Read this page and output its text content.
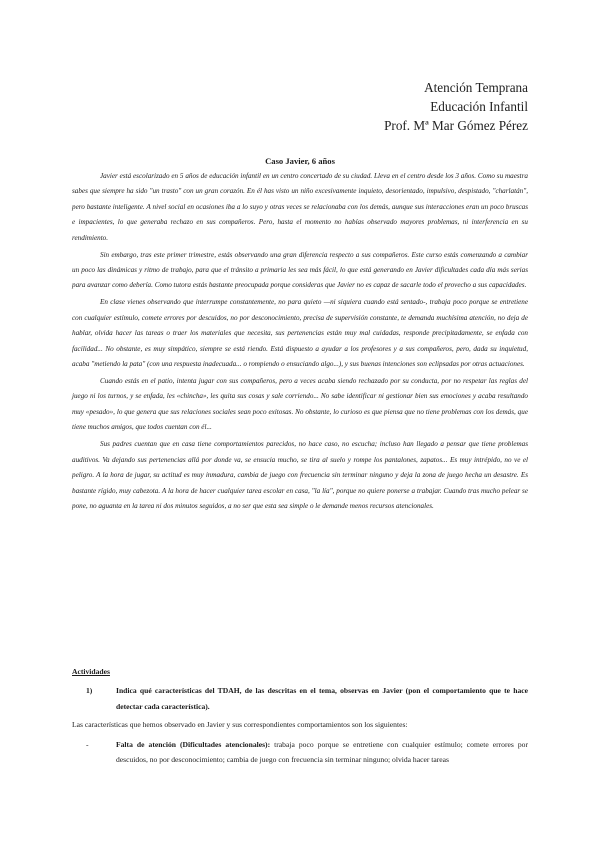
Atención Temprana
Educación Infantil
Prof. Mª Mar Gómez Pérez
Caso Javier, 6 años

Javier está escolarizado en 5 años de educación infantil en un centro concertado de su ciudad. Lleva en el centro desde los 3 años. Como su maestra sabes que siempre ha sido "un trasto" con un gran corazón. En él has visto un niño excesivamente inquieto, desorientado, impulsivo, despistado, "charlatán", pero bastante inteligente. A nivel social en ocasiones iba a lo suyo y otras veces se relacionaba con los demás, aunque sus interacciones eran un poco bruscas e impacientes, lo que generaba rechazo en sus compañeros. Pero, hasta el momento no habías observado mayores problemas, ni interferencia en su rendimiento.

Sin embargo, tras este primer trimestre, estás observando una gran diferencia respecto a sus compañeros. Este curso estás comenzando a cambiar un poco las dinámicas y ritmo de trabajo, para que el tránsito a primaria les sea más fácil, lo que está generando en Javier dificultades cada día más serias para avanzar como debería. Como tutora estás bastante preocupada porque consideras que Javier no es capaz de sacarle todo el provecho a sus capacidades.

En clase vienes observando que interrumpe constantemente, no para quieto —ni siquiera cuando está sentado-, trabaja poco porque se entretiene con cualquier estímulo, comete errores por descuidos, no por desconocimiento, precisa de supervisión constante, te demanda muchísima atención, no deja de hablar, olvida hacer las tareas o traer los materiales que necesita, sus pertenencias están muy mal cuidadas, responde precipitadamente, se enfada con facilidad... No obstante, es muy simpático, siempre se está riendo. Está dispuesto a ayudar a los profesores y a sus compañeros, pero, dada su inquietud, acaba "metiendo la pata" (con una respuesta inadecuada... o rompiendo o ensuciando algo...), y sus buenas intenciones son eclipsadas por otras actuaciones.

Cuando estás en el patio, intenta jugar con sus compañeros, pero a veces acaba siendo rechazado por su conducta, por no respetar las reglas del juego ni los turnos, y se enfada, les «chincha», les quita sus cosas y sale corriendo... No sabe identificar ni gestionar bien sus emociones y acaba resultando muy «pesado», lo que genera que sus relaciones sociales sean poco exitosas. No obstante, lo curioso es que piensa que no tiene problemas con los demás, que tiene muchos amigos, que todos cuentan con él...

Sus padres cuentan que en casa tiene comportamientos parecidos, no hace caso, no escucha; incluso han llegado a pensar que tiene problemas auditivos. Va dejando sus pertenencias allá por donde va, se ensucia mucho, se tira al suelo y rompe los pantalones, zapatos... Es muy intrépido, no ve el peligro. A la hora de jugar, su actitud es muy inmadura, cambia de juego con frecuencia sin terminar ninguno y deja la zona de juego hecha un desastre. Es bastante rígido, muy cabezota. A la hora de hacer cualquier tarea escolar en casa, "la lía", porque no quiere ponerse a trabajar. Cuando tras mucho pelear se pone, no aguanta en la tarea ni dos minutos seguidos, a no ser que esta sea simple o le demande menos recursos atencionales.

Actividades
1)	Indica qué características del TDAH, de las descritas en el tema, observas en Javier (pon el comportamiento que te hace detectar cada característica).
Las características que hemos observado en Javier y sus correspondientes comportamientos son los siguientes:
-	Falta de atención (Dificultades atencionales): trabaja poco porque se entretiene con cualquier estímulo; comete errores por descuidos, no por desconocimiento; cambia de juego con frecuencia sin terminar ninguno; olvida hacer tareas
